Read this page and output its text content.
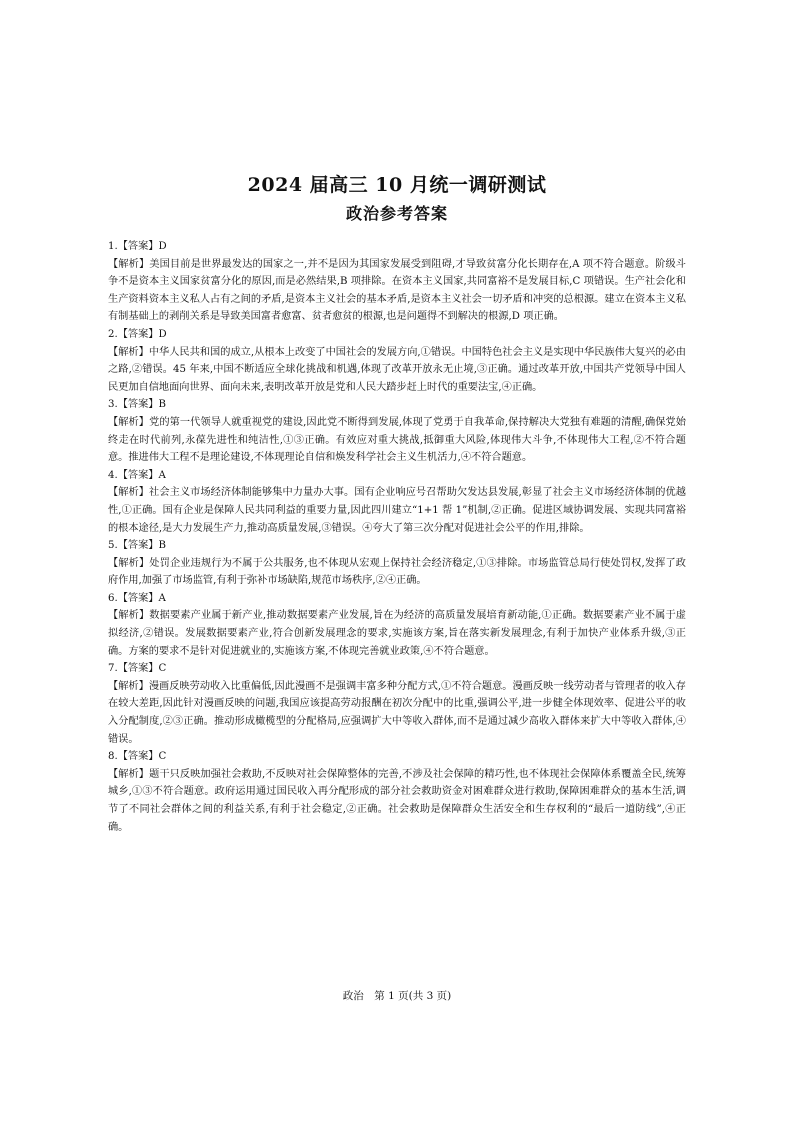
2024 届高三 10 月统一调研测试
政治参考答案

1.【答案】D

【解析】美国目前是世界最发达的国家之一,并不是因为其国家发展受到阻碍,才导致贫富分化长期存在,A 项不符合题意。阶级斗争不是资本主义国家贫富分化的原因,而是必然结果,B 项排除。在资本主义国家,共同富裕不是发展目标,C 项错误。生产社会化和生产资料资本主义私人占有之间的矛盾,是资本主义社会的基本矛盾,是资本主义社会一切矛盾和冲突的总根源。建立在资本主义私有制基础上的剥削关系是导致美国富者愈富、贫者愈贫的根源,也是问题得不到解决的根源,D 项正确。

2.【答案】D

【解析】中华人民共和国的成立,从根本上改变了中国社会的发展方向,①错误。中国特色社会主义是实现中华民族伟大复兴的必由之路,②错误。45 年来,中国不断适应全球化挑战和机遇,体现了改革开放永无止境,③正确。通过改革开放,中国共产党领导中国人民更加自信地面向世界、面向未来,表明改革开放是党和人民大踏步赶上时代的重要法宝,④正确。

3.【答案】B

【解析】党的第一代领导人就重视党的建设,因此党不断得到发展,体现了党勇于自我革命,保持解决大党独有难题的清醒,确保党始终走在时代前列,永葆先进性和纯洁性,①③正确。有效应对重大挑战,抵御重大风险,体现伟大斗争,不体现伟大工程,②不符合题意。推进伟大工程不是理论建设,不体现理论自信和焕发科学社会主义生机活力,④不符合题意。

4.【答案】A

【解析】社会主义市场经济体制能够集中力量办大事。国有企业响应号召帮助欠发达县发展,彰显了社会主义市场经济体制的优越性,①正确。国有企业是保障人民共同利益的重要力量,因此四川建立“1+1 帮 1”机制,②正确。促进区域协调发展、实现共同富裕的根本途径,是大力发展生产力,推动高质量发展,③错误。④夸大了第三次分配对促进社会公平的作用,排除。

5.【答案】B

【解析】处罚企业违规行为不属于公共服务,也不体现从宏观上保持社会经济稳定,①③排除。市场监管总局行使处罚权,发挥了政府作用,加强了市场监管,有利于弥补市场缺陷,规范市场秩序,②④正确。

6.【答案】A

【解析】数据要素产业属于新产业,推动数据要素产业发展,旨在为经济的高质量发展培育新动能,①正确。数据要素产业不属于虚拟经济,②错误。发展数据要素产业,符合创新发展理念的要求,实施该方案,旨在落实新发展理念,有利于加快产业体系升级,③正确。方案的要求不是针对促进就业的,实施该方案,不体现完善就业政策,④不符合题意。

7.【答案】C

【解析】漫画反映劳动收入比重偏低,因此漫画不是强调丰富多种分配方式,①不符合题意。漫画反映一线劳动者与管理者的收入存在较大差距,因此针对漫画反映的问题,我国应该提高劳动报酬在初次分配中的比重,强调公平,进一步健全体现效率、促进公平的收入分配制度,②③正确。推动形成橄榄型的分配格局,应强调扩大中等收入群体,而不是通过减少高收入群体来扩大中等收入群体,④错误。

8.【答案】C

【解析】题干只反映加强社会救助,不反映对社会保障整体的完善,不涉及社会保障的精巧性,也不体现社会保障体系覆盖全民,统筹城乡,①③不符合题意。政府运用通过国民收入再分配形成的部分社会救助资金对困难群众进行救助,保障困难群众的基本生活,调节了不同社会群体之间的利益关系,有利于社会稳定,②正确。社会救助是保障群众生活安全和生存权利的“最后一道防线”,④正确。

政治　第 1 页(共 3 页)
